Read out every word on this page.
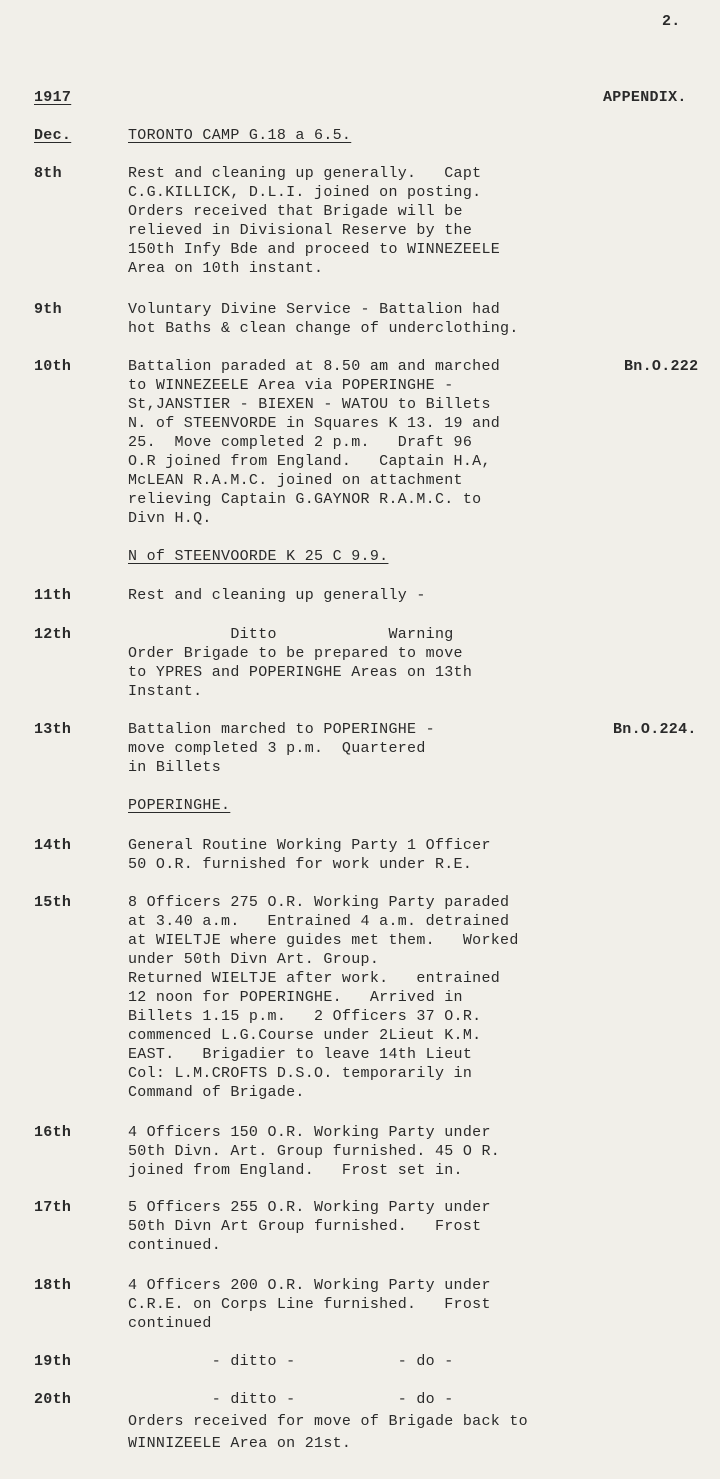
2.
1917	APPENDIX.
Dec.	TORONTO CAMP G.18 a 6.5.
8th	Rest and cleaning up generally.   Capt
C.G.KILLICK, D.L.I. joined on posting.
Orders received that Brigade will be
relieved in Divisional Reserve by the
150th Infy Bde and proceed to WINNEZEELE
Area on 10th instant.
9th	Voluntary Divine Service - Battalion had
hot Baths & clean change of underclothing.
10th	Bn.O.222
Battalion paraded at 8.50 am and marched
to WINNEZEELE Area via POPERINGHE -
St,JANSTIER - BIEXEN - WATOU to Billets
N. of STEENVORDE in Squares K 13. 19 and
25.  Move completed 2 p.m.   Draft 96
O.R joined from England.   Captain H.A,
McLEAN R.A.M.C. joined on attachment
relieving Captain G.GAYNOR R.A.M.C. to
Divn H.Q.
N of STEENVOORDE K 25 C 9.9.
11th	Rest and cleaning up generally -
12th	Ditto            Warning
Order Brigade to be prepared to move
to YPRES and POPERINGHE Areas on 13th
Instant.
13th	Bn.O.224.
Battalion marched to POPERINGHE -
move completed 3 p.m.  Quartered
in Billets
POPERINGHE.
14th	General Routine Working Party 1 Officer
50 O.R. furnished for work under R.E.
15th	8 Officers 275 O.R. Working Party paraded
at 3.40 a.m.   Entrained 4 a.m. detrained
at WIELTJE where guides met them.   Worked
under 50th Divn Art. Group.
Returned WIELTJE after work.   entrained
12 noon for POPERINGHE.   Arrived in
Billets 1.15 p.m.   2 Officers 37 O.R.
commenced L.G.Course under 2Lieut K.M.
EAST.   Brigadier to leave 14th Lieut
Col: L.M.CROFTS D.S.O. temporarily in
Command of Brigade.
16th	4 Officers 150 O.R. Working Party under
50th Divn. Art. Group furnished. 45 O R.
joined from England.   Frost set in.
17th	5 Officers 255 O.R. Working Party under
50th Divn Art Group furnished.   Frost
continued.
18th	4 Officers 200 O.R. Working Party under
C.R.E. on Corps Line furnished.   Frost
continued
19th	- ditto -           - do -
20th	- ditto -           - do -
Orders received for move of Brigade back to
WINNIZEELE Area on 21st.
